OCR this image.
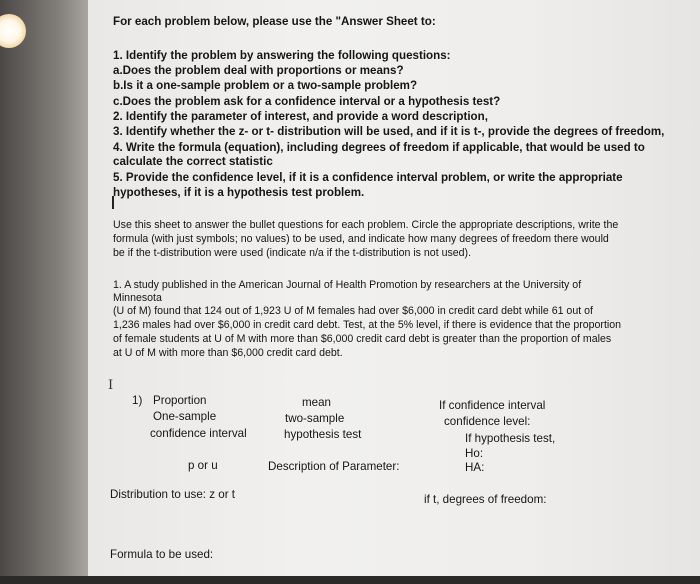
For each problem below, please use the "Answer Sheet to:
1. Identify the problem by answering the following questions:
a.Does the problem deal with proportions or means?
b.Is it a one-sample problem or a two-sample problem?
c.Does the problem ask for a confidence interval or a hypothesis test?
2. Identify the parameter of interest, and provide a word description,
3. Identify whether the z- or t- distribution will be used, and if it is t-, provide the degrees of freedom,
4. Write the formula (equation), including degrees of freedom if applicable, that would be used to
calculate the correct statistic
5. Provide the confidence level, if it is a confidence interval problem, or write the appropriate
hypotheses, if it is a hypothesis test problem.
Use this sheet to answer the bullet questions for each problem. Circle the appropriate descriptions, write the
formula (with just symbols; no values) to be used, and indicate how many degrees of freedom there would
be if the t-distribution were used (indicate n/a if the t-distribution is not used).
1. A study published in the American Journal of Health Promotion by researchers at the University of
Minnesota
(U of M) found that 124 out of 1,923 U of M females had over $6,000 in credit card debt while 61 out of
1,236 males had over $6,000 in credit card debt. Test, at the 5% level, if there is evidence that the proportion
of female students at U of M with more than $6,000 credit card debt is greater than the proportion of males
at U of M with more than $6,000 credit card debt.
I
1) Proportion
One-sample
confidence interval
mean
two-sample
hypothesis test
If confidence interval
confidence level:
If hypothesis test,
Ho:
HA:
p or u	Description of Parameter:
Distribution to use: z or t	if t, degrees of freedom:
Formula to be used:
